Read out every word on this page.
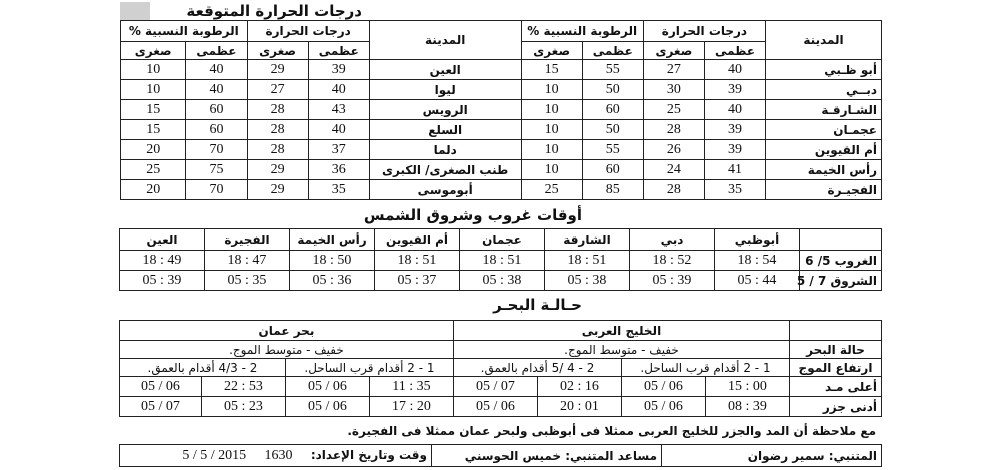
درجات الحرارة المتوقعة
المدينة	درجات الحرارة		الرطوبة النسبية %		المدينة	درجات الحرارة		الرطوبة النسبية %	
	عظمى	صغرى	عظمى	صغرى		عظمى	صغرى	عظمى	صغرى
أبو ظـبي	40	27	55	15	العين	39	29	40	10
دبــي	39	30	50	10	ليوا	40	27	40	10
الشـارقـة	40	25	60	10	الرويس	43	28	60	15
عجمـان	39	28	50	10	السلع	40	28	60	15
أم القيوين	39	26	55	10	دلما	37	28	70	20
رأس الخيمة	41	24	60	10	طنب الصغرى/ الكبرى	36	29	75	25
الفجيـرة	35	28	85	25	أبوموسى	35	29	70	20
أوقات غروب وشروق الشمس
	أبوظبي	دبي	الشارقة	عجمان	أم القيوين	رأس الخيمة	الفجيرة	العين
الغروب 5/ 6	18 : 54	18 : 52	18 : 51	18 : 51	18 : 51	18 : 50	18 : 47	18 : 49
الشروق 7 / 5	05 : 44	05 : 39	05 : 38	05 : 38	05 : 37	05 : 36	05 : 35	05 : 39
حـالـة البحـر
	الخليج العربى				بحر عمان			
حالة البحر	خفيف - متوسط الموج.				خفيف - متوسط الموج.			
ارتفاع الموج	1 - 2 أقدام قرب الساحل.		2 - 4 /5 أقدام بالعمق.		1 - 2 أقدام قرب الساحل.		2 - 4/3 أقدام بالعمق.	
أعلى مـد	15 : 00	05 / 06	02 : 16	05 / 07	11 : 35	05 / 06	22 : 53	05 / 06
أدنى جزر	08 : 39	05 / 06	20 : 01	05 / 06	17 : 20	05 / 06	05 : 23	05 / 07
مع ملاحظة أن المد والجزر للخليج العربى ممثلا فى أبوظبى ولبحر عمان ممثلا فى الفجيرة.
المتنبي: سمير رضوان	مساعد المتنبي: خميس الحوسني	وقت وتاريخ الإعداد:  1630  2015 / 5 / 5
